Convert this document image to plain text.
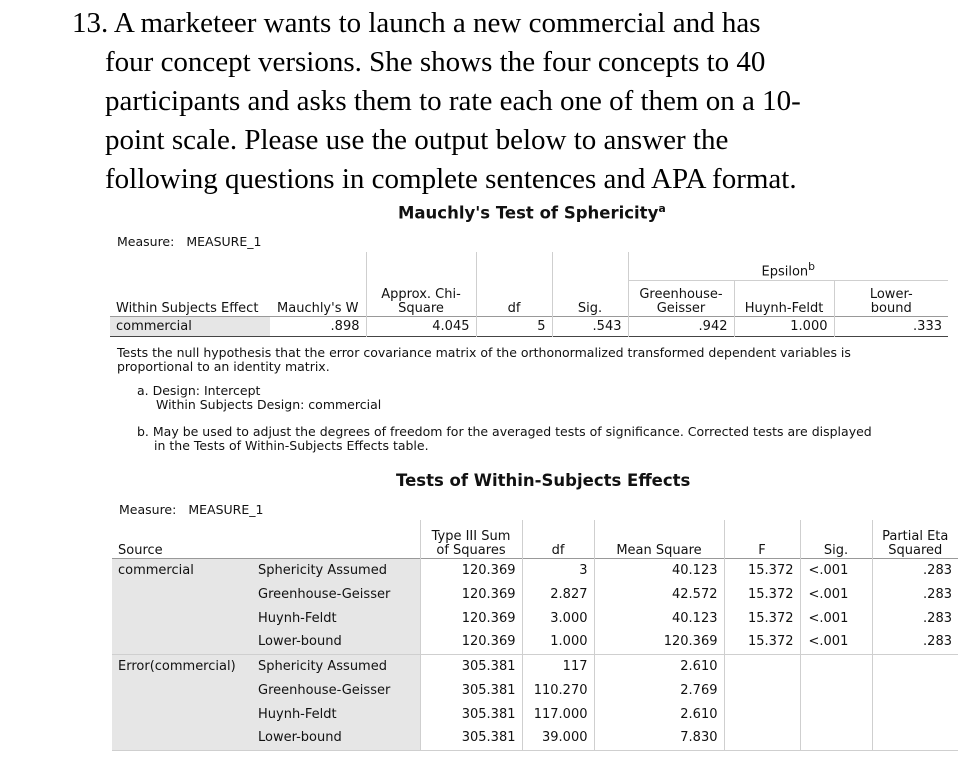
13. A marketeer wants to launch a new commercial and has
four concept versions. She shows the four concepts to 40
participants and asks them to rate each one of them on a 10-
point scale. Please use the output below to answer the
following questions in complete sentences and APA format.
Mauchly's Test of Sphericity$^a$
Measure: MEASURE_1
					Epsilon$^b$
Within Subjects Effect	Mauchly's W	Approx. Chi-
Square	df	Sig.	Greenhouse-
Geisser	Huynh-Feldt	Lower-
bound
commercial	.898	4.045	5	.543	.942	1.000	.333
Tests the null hypothesis that the error covariance matrix of the orthonormalized transformed dependent variables is
proportional to an identity matrix.
a. Design: Intercept
Within Subjects Design: commercial
b. May be used to adjust the degrees of freedom for the averaged tests of significance. Corrected tests are displayed
in the Tests of Within-Subjects Effects table.
Tests of Within-Subjects Effects
Measure: MEASURE_1
Source		Type III Sum
of Squares	df	Mean Square	F	Sig.	Partial Eta
Squared
commercial	Sphericity Assumed	120.369	3	40.123	15.372	<.001	.283
	Greenhouse-Geisser	120.369	2.827	42.572	15.372	<.001	.283
	Huynh-Feldt	120.369	3.000	40.123	15.372	<.001	.283
	Lower-bound	120.369	1.000	120.369	15.372	<.001	.283
Error(commercial)	Sphericity Assumed	305.381	117	2.610			
	Greenhouse-Geisser	305.381	110.270	2.769			
	Huynh-Feldt	305.381	117.000	2.610			
	Lower-bound	305.381	39.000	7.830			
